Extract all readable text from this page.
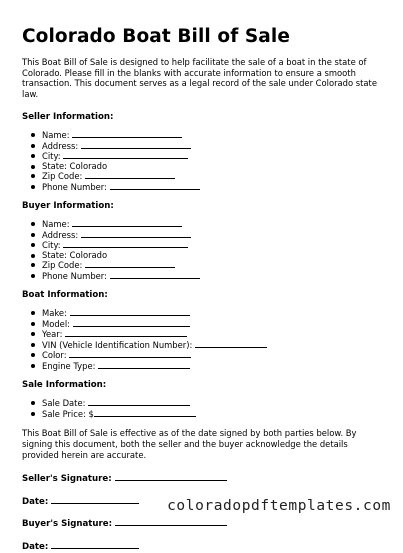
Colorado Boat Bill of Sale

This Boat Bill of Sale is designed to help facilitate the sale of a boat in the state of Colorado. Please fill in the blanks with accurate information to ensure a smooth transaction. This document serves as a legal record of the sale under Colorado state law.

Seller Information:
Name:
Address:
City:
State: Colorado
Zip Code:
Phone Number:
Buyer Information:
Name:
Address:
City:
State: Colorado
Zip Code:
Phone Number:
Boat Information:
Make:
Model:
Year:
VIN (Vehicle Identification Number):
Color:
Engine Type:
Sale Information:
Sale Date:
Sale Price: $

This Boat Bill of Sale is effective as of the date signed by both parties below. By signing this document, both the seller and the buyer acknowledge the details provided herein are accurate.

Seller's Signature:

Date:

Buyer's Signature:

Date:

coloradopdftemplates.com
